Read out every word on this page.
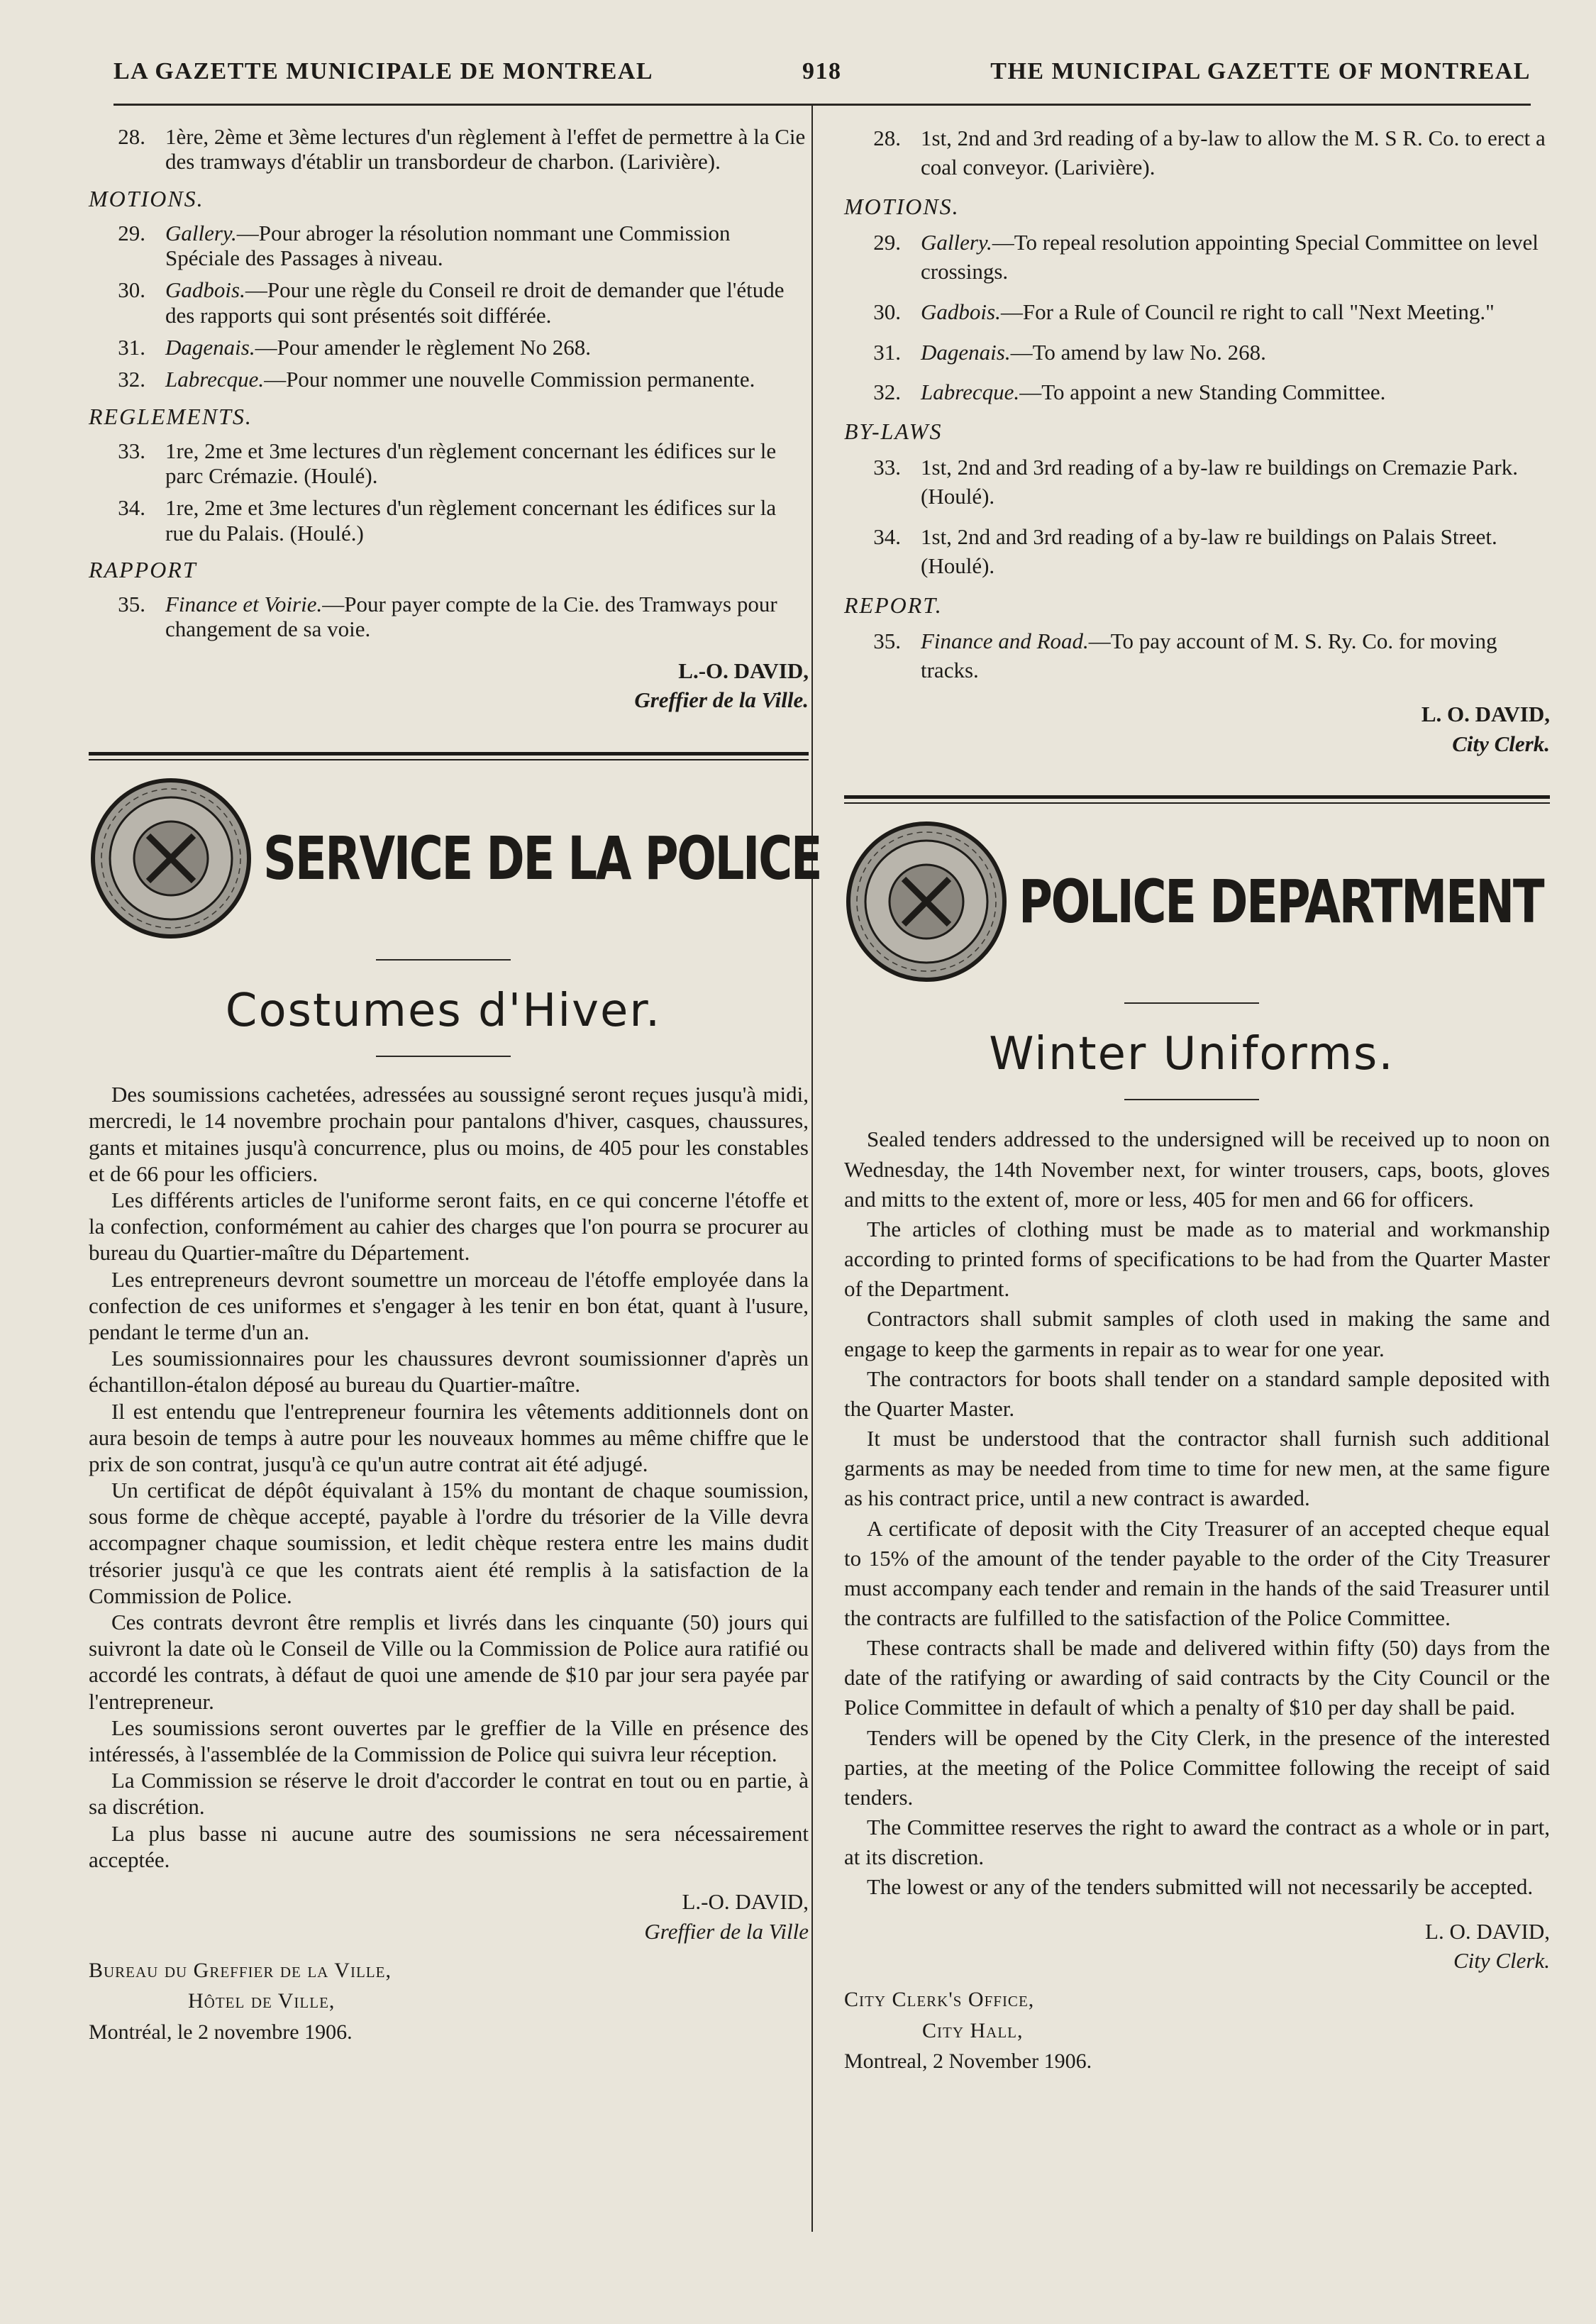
LA GAZETTE MUNICIPALE DE MONTREAL	918	THE MUNICIPAL GAZETTE OF MONTREAL
28. 1ère, 2ème et 3ème lectures d'un règlement à l'effet de permettre à la Cie des tramways d'établir un transbordeur de charbon. (Larivière).
MOTIONS.
29. Gallery.—Pour abroger la résolution nommant une Commission Spéciale des Passages à niveau.
30. Gadbois.—Pour une règle du Conseil re droit de demander que l'étude des rapports qui sont présentés soit différée.
31. Dagenais.—Pour amender le règlement No 268.
32. Labrecque.—Pour nommer une nouvelle Commission permanente.
REGLEMENTS.
33. 1re, 2me et 3me lectures d'un règlement concernant les édifices sur le parc Crémazie. (Houlé).
34. 1re, 2me et 3me lectures d'un règlement concernant les édifices sur la rue du Palais. (Houlé.)
RAPPORT
35. Finance et Voirie.—Pour payer compte de la Cie. des Tramways pour changement de sa voie.
L.-O. DAVID,
Greffier de la Ville.
SERVICE DE LA POLICE
Costumes d'Hiver.

Des soumissions cachetées, adressées au soussigné seront reçues jusqu'à midi, mercredi, le 14 novembre prochain pour pantalons d'hiver, casques, chaussures, gants et mitaines jusqu'à concurrence, plus ou moins, de 405 pour les constables et de 66 pour les officiers.

Les différents articles de l'uniforme seront faits, en ce qui concerne l'étoffe et la confection, conformément au cahier des charges que l'on pourra se procurer au bureau du Quartier-maître du Département.

Les entrepreneurs devront soumettre un morceau de l'étoffe employée dans la confection de ces uniformes et s'engager à les tenir en bon état, quant à l'usure, pendant le terme d'un an.

Les soumissionnaires pour les chaussures devront soumissionner d'après un échantillon-étalon déposé au bureau du Quartier-maître.

Il est entendu que l'entrepreneur fournira les vêtements additionnels dont on aura besoin de temps à autre pour les nouveaux hommes au même chiffre que le prix de son contrat, jusqu'à ce qu'un autre contrat ait été adjugé.

Un certificat de dépôt équivalant à 15% du montant de chaque soumission, sous forme de chèque accepté, payable à l'ordre du trésorier de la Ville devra accompagner chaque soumission, et ledit chèque restera entre les mains dudit trésorier jusqu'à ce que les contrats aient été remplis à la satisfaction de la Commission de Police.

Ces contrats devront être remplis et livrés dans les cinquante (50) jours qui suivront la date où le Conseil de Ville ou la Commission de Police aura ratifié ou accordé les contrats, à défaut de quoi une amende de $10 par jour sera payée par l'entrepreneur.

Les soumissions seront ouvertes par le greffier de la Ville en présence des intéressés, à l'assemblée de la Commission de Police qui suivra leur réception.

La Commission se réserve le droit d'accorder le contrat en tout ou en partie, à sa discrétion.

La plus basse ni aucune autre des soumissions ne sera nécessairement acceptée.

L.-O. DAVID,
Greffier de la Ville
Bureau du Greffier de la Ville,
Hôtel de Ville,
Montréal, le 2 novembre 1906.
28. 1st, 2nd and 3rd reading of a by-law to allow the M. S R. Co. to erect a coal conveyor. (Larivière).
MOTIONS.
29. Gallery.—To repeal resolution appointing Special Committee on level crossings.
30. Gadbois.—For a Rule of Council re right to call "Next Meeting."
31. Dagenais.—To amend by law No. 268.
32. Labrecque.—To appoint a new Standing Committee.
BY-LAWS
33. 1st, 2nd and 3rd reading of a by-law re buildings on Cremazie Park. (Houlé).
34. 1st, 2nd and 3rd reading of a by-law re buildings on Palais Street. (Houlé).
REPORT.
35. Finance and Road.—To pay account of M. S. Ry. Co. for moving tracks.
L. O. DAVID,
City Clerk.
POLICE DEPARTMENT
Winter Uniforms.

Sealed tenders addressed to the undersigned will be received up to noon on Wednesday, the 14th November next, for winter trousers, caps, boots, gloves and mitts to the extent of, more or less, 405 for men and 66 for officers.

The articles of clothing must be made as to material and workmanship according to printed forms of specifications to be had from the Quarter Master of the Department.

Contractors shall submit samples of cloth used in making the same and engage to keep the garments in repair as to wear for one year.

The contractors for boots shall tender on a standard sample deposited with the Quarter Master.

It must be understood that the contractor shall furnish such additional garments as may be needed from time to time for new men, at the same figure as his contract price, until a new contract is awarded.

A certificate of deposit with the City Treasurer of an accepted cheque equal to 15% of the amount of the tender payable to the order of the City Treasurer must accompany each tender and remain in the hands of the said Treasurer until the contracts are fulfilled to the satisfaction of the Police Committee.

These contracts shall be made and delivered within fifty (50) days from the date of the ratifying or awarding of said contracts by the City Council or the Police Committee in default of which a penalty of $10 per day shall be paid.

Tenders will be opened by the City Clerk, in the presence of the interested parties, at the meeting of the Police Committee following the receipt of said tenders.

The Committee reserves the right to award the contract as a whole or in part, at its discretion.

The lowest or any of the tenders submitted will not necessarily be accepted.

L. O. DAVID,
City Clerk.
City Clerk's Office,
City Hall,
Montreal, 2 November 1906.
